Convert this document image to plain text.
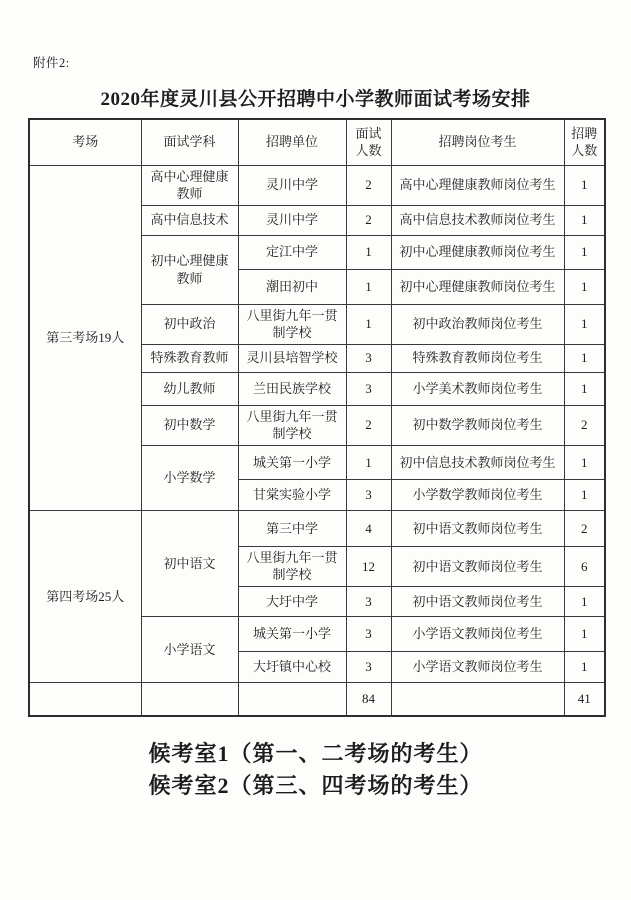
附件2:
2020年度灵川县公开招聘中小学教师面试考场安排
考场	面试学科	招聘单位	面试人数	招聘岗位考生	招聘人数
第三考场19人	高中心理健康教师	灵川中学	2	高中心理健康教师岗位考生	1
	高中信息技术	灵川中学	2	高中信息技术教师岗位考生	1
	初中心理健康教师	定江中学	1	初中心理健康教师岗位考生	1
		潮田初中	1	初中心理健康教师岗位考生	1
	初中政治	八里街九年一贯制学校	1	初中政治教师岗位考生	1
	特殊教育教师	灵川县培智学校	3	特殊教育教师岗位考生	1
	幼儿教师	兰田民族学校	3	小学美术教师岗位考生	1
	初中数学	八里街九年一贯制学校	2	初中数学教师岗位考生	2
	小学数学	城关第一小学	1	初中信息技术教师岗位考生	1
		甘棠实验小学	3	小学数学教师岗位考生	1
第四考场25人	初中语文	第三中学	4	初中语文教师岗位考生	2
		八里街九年一贯制学校	12	初中语文教师岗位考生	6
		大圩中学	3	初中语文教师岗位考生	1
	小学语文	城关第一小学	3	小学语文教师岗位考生	1
		大圩镇中心校	3	小学语文教师岗位考生	1
			84		41
候考室1（第一、二考场的考生）
候考室2（第三、四考场的考生）
